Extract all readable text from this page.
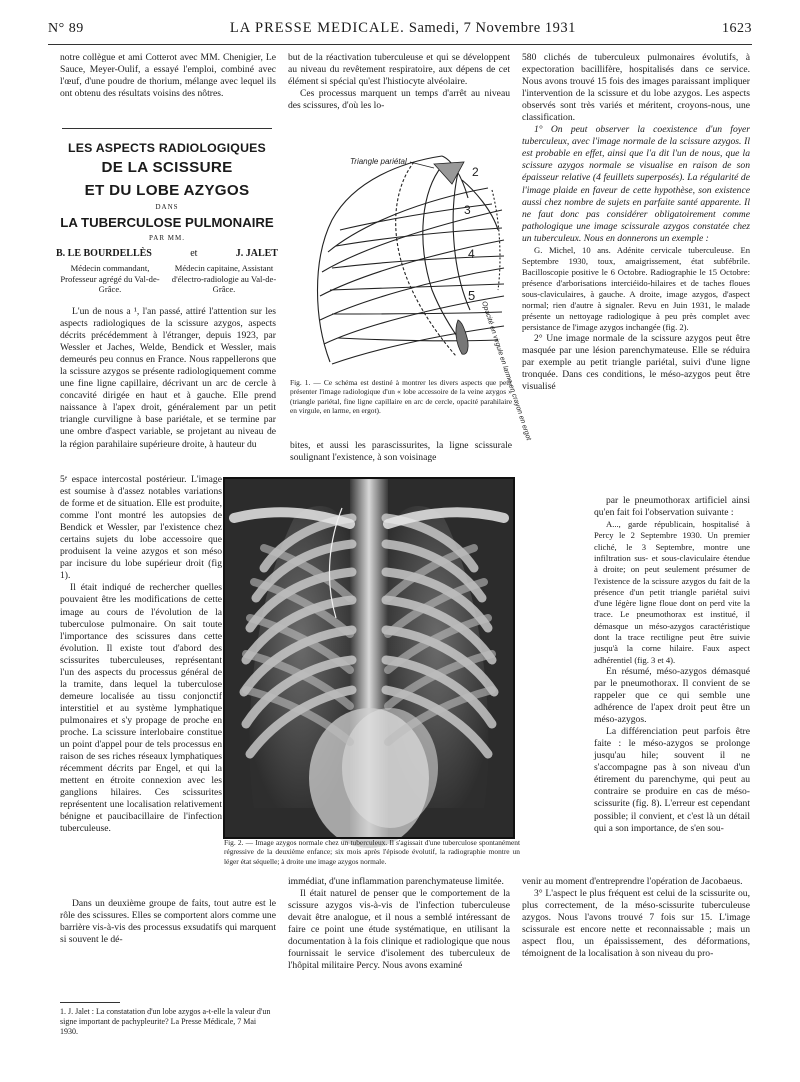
N° 89	LA PRESSE MEDICALE. Samedi, 7 Novembre 1931	1623

notre collègue et ami Cotterot avec MM. Chenigier, Le Sauce, Meyer-Oulif, a essayé l'emploi, combiné avec l'œuf, d'une poudre de thorium, mélange avec lequel ils ont obtenu des résultats voisins des nôtres.

LES ASPECTS RADIOLOGIQUES
DE LA SCISSURE
ET DU LOBE AZYGOS
DANS
LA TUBERCULOSE PULMONAIRE
PAR MM.
B. LE BOURDELLÈS	et	J. JALET
Médecin commandant, Professeur agrégé du Val-de-Grâce.
Médecin capitaine, Assistant d'électro-radiologie au Val-de-Grâce.

L'un de nous a ¹, l'an passé, attiré l'attention sur les aspects radiologiques de la scissure azygos, aspects décrits précédemment à l'étranger, depuis 1923, par Wessler et Jaches, Welde, Bendick et Wessler, mais demeurés peu connus en France. Nous rappellerons que la scissure azygos se présente radiologiquement comme une fine ligne capillaire, décrivant un arc de cercle à concavité dirigée en haut et à gauche. Elle prend naissance à l'apex droit, généralement par un petit triangle curviligne à base pariétale, et se termine par une ombre d'aspect variable, se projetant au niveau de la région parahilaire supérieure droite, à hauteur du

5ᵉ espace intercostal postérieur. L'image est soumise à d'assez notables variations de forme et de situation. Elle est produite, comme l'ont montré les autopsies de Bendick et Wessler, par l'existence chez certains sujets du lobe accessoire que produisent la veine azygos et son méso par incisure du lobe supérieur droit (fig 1).

Il était indiqué de rechercher quelles pouvaient être les modifications de cette image au cours de l'évolution de la tuberculose pulmonaire. On sait toute l'importance des scissures dans cette évolution. Il existe tout d'abord des scissurites tuberculeuses, représentant l'un des aspects du processus général de la tramite, dans lequel la tuberculose demeure localisée au tissu conjonctif interstitiel et au système lymphatique pulmonaires et s'y propage de proche en proche. La scissure interlobaire constitue un point d'appel pour de tels processus en raison de ses riches réseaux lymphatiques récemment décrits par Engel, et qui la mettent en étroite connexion avec les ganglions hilaires. Ces scissurites représentent une localisation relativement bénigne et paucibacillaire de l'infection tuberculeuse.

Dans un deuxième groupe de faits, tout autre est le rôle des scissures. Elles se comportent alors comme une barrière vis-à-vis des processus exsudatifs qui marquent si souvent le dé-

1. J. Jalet : La constatation d'un lobe azygos a-t-elle la valeur d'un signe important de pachypleurite? La Presse Médicale, 7 Mai 1930.

but de la réactivation tuberculeuse et qui se développent au niveau du revêtement respiratoire, aux dépens de cet élément si spécial qu'est l'histiocyte alvéolaire.

Ces processus marquent un temps d'arrêt au niveau des scissures, d'où les lo-

Triangle pariétal
2
3
4
5
Opacité en virgule en larme en crayon en ergot
Fig. 1. — Ce schéma est destiné à montrer les divers aspects que peut présenter l'image radiologique d'un « lobe accessoire de la veine azygos » (triangle pariétal, fine ligne capillaire en arc de cercle, opacité parahilaire en virgule, en larme, en ergot).
bites, et aussi les parascissurites, la ligne scissurale soulignant l'existence, à son voisinage

580 clichés de tuberculeux pulmonaires évolutifs, à expectoration bacillifère, hospitalisés dans ce service. Nous avons trouvé 15 fois des images paraissant impliquer l'intervention de la scissure et du lobe azygos. Les aspects observés sont très variés et méritent, croyons-nous, une classification.

1° On peut observer la coexistence d'un foyer tuberculeux, avec l'image normale de la scissure azygos. Il est probable en effet, ainsi que l'a dit l'un de nous, que la scissure azygos normale se visualise en raison de son épaisseur relative (4 feuillets superposés). La régularité de l'image plaide en faveur de cette hypothèse, son existence aussi chez nombre de sujets en parfaite santé apparente. Il ne faut donc pas considérer obligatoirement comme pathologique une image scissurale azygos constatée chez un tuberculeux. Nous en donnerons un exemple :

G. Michel, 10 ans. Adénite cervicale tuberculeuse. En Septembre 1930, toux, amaigrissement, état subfébrile. Bacilloscopie positive le 6 Octobre. Radiographie le 15 Octobre: présence d'arborisations interciéido-hilaires et de taches floues sous-claviculaires, à gauche. A droite, image azygos, d'aspect normal; rien d'autre à signaler. Revu en Juin 1931, le malade présente un nettoyage radiologique à peu près complet avec persistance de l'image azygos inchangée (fig. 2).

2° Une image normale de la scissure azygos peut être masquée par une lésion parenchymateuse. Elle se réduira par exemple au petit triangle pariétal, suivi d'une ligne tronquée. Dans ces conditions, le méso-azygos peut être visualisé

Fig. 2. — Image azygos normale chez un tuberculeux. Il s'agissait d'une tuberculose spontanément régressive de la deuxième enfance; six mois après l'épisode évolutif, la radiographie montre un léger état séquelle; à droite une image azygos normale.

par le pneumothorax artificiel ainsi qu'en fait foi l'observation suivante :

A..., garde républicain, hospitalisé à Percy le 2 Septembre 1930. Un premier cliché, le 3 Septembre, montre une infiltration sus- et sous-claviculaire étendue à droite; on peut seulement présumer de l'existence de la scissure azygos du fait de la présence d'un petit triangle pariétal suivi d'une légère ligne floue dont on perd vite la trace. Le pneumothorax est institué, il démasque un méso-azygos caractéristique dont la trace rectiligne peut être suivie jusqu'à la corne hilaire. Faux aspect adhérentiel (fig. 3 et 4).

En résumé, méso-azygos démasqué par le pneumothorax. Il convient de se rappeler que ce qui semble une adhérence de l'apex droit peut être un méso-azygos.

La différenciation peut parfois être faite : le méso-azygos se prolonge jusqu'au hile; souvent il ne s'accompagne pas à son niveau d'un étirement du parenchyme, qui peut au contraire se produire en cas de méso-scissurite (fig. 8). L'erreur est cependant possible; il convient, et c'est là un détail qui a son importance, de s'en sou-

immédiat, d'une inflammation parenchymateuse limitée.

Il était naturel de penser que le comportement de la scissure azygos vis-à-vis de l'infection tuberculeuse devait être analogue, et il nous a semblé intéressant de faire ce point une étude systématique, en utilisant la documentation à la fois clinique et radiologique que nous fournissait le service d'isolement des tuberculeux de l'hôpital militaire Percy. Nous avons examiné

venir au moment d'entreprendre l'opération de Jacobaeus.

3° L'aspect le plus fréquent est celui de la scissurite ou, plus correctement, de la méso-scissurite tuberculeuse azygos. Nous l'avons trouvé 7 fois sur 15. L'image scissurale est encore nette et reconnaissable ; mais un aspect flou, un épaississement, des déformations, témoignent de la localisation à son niveau du pro-
